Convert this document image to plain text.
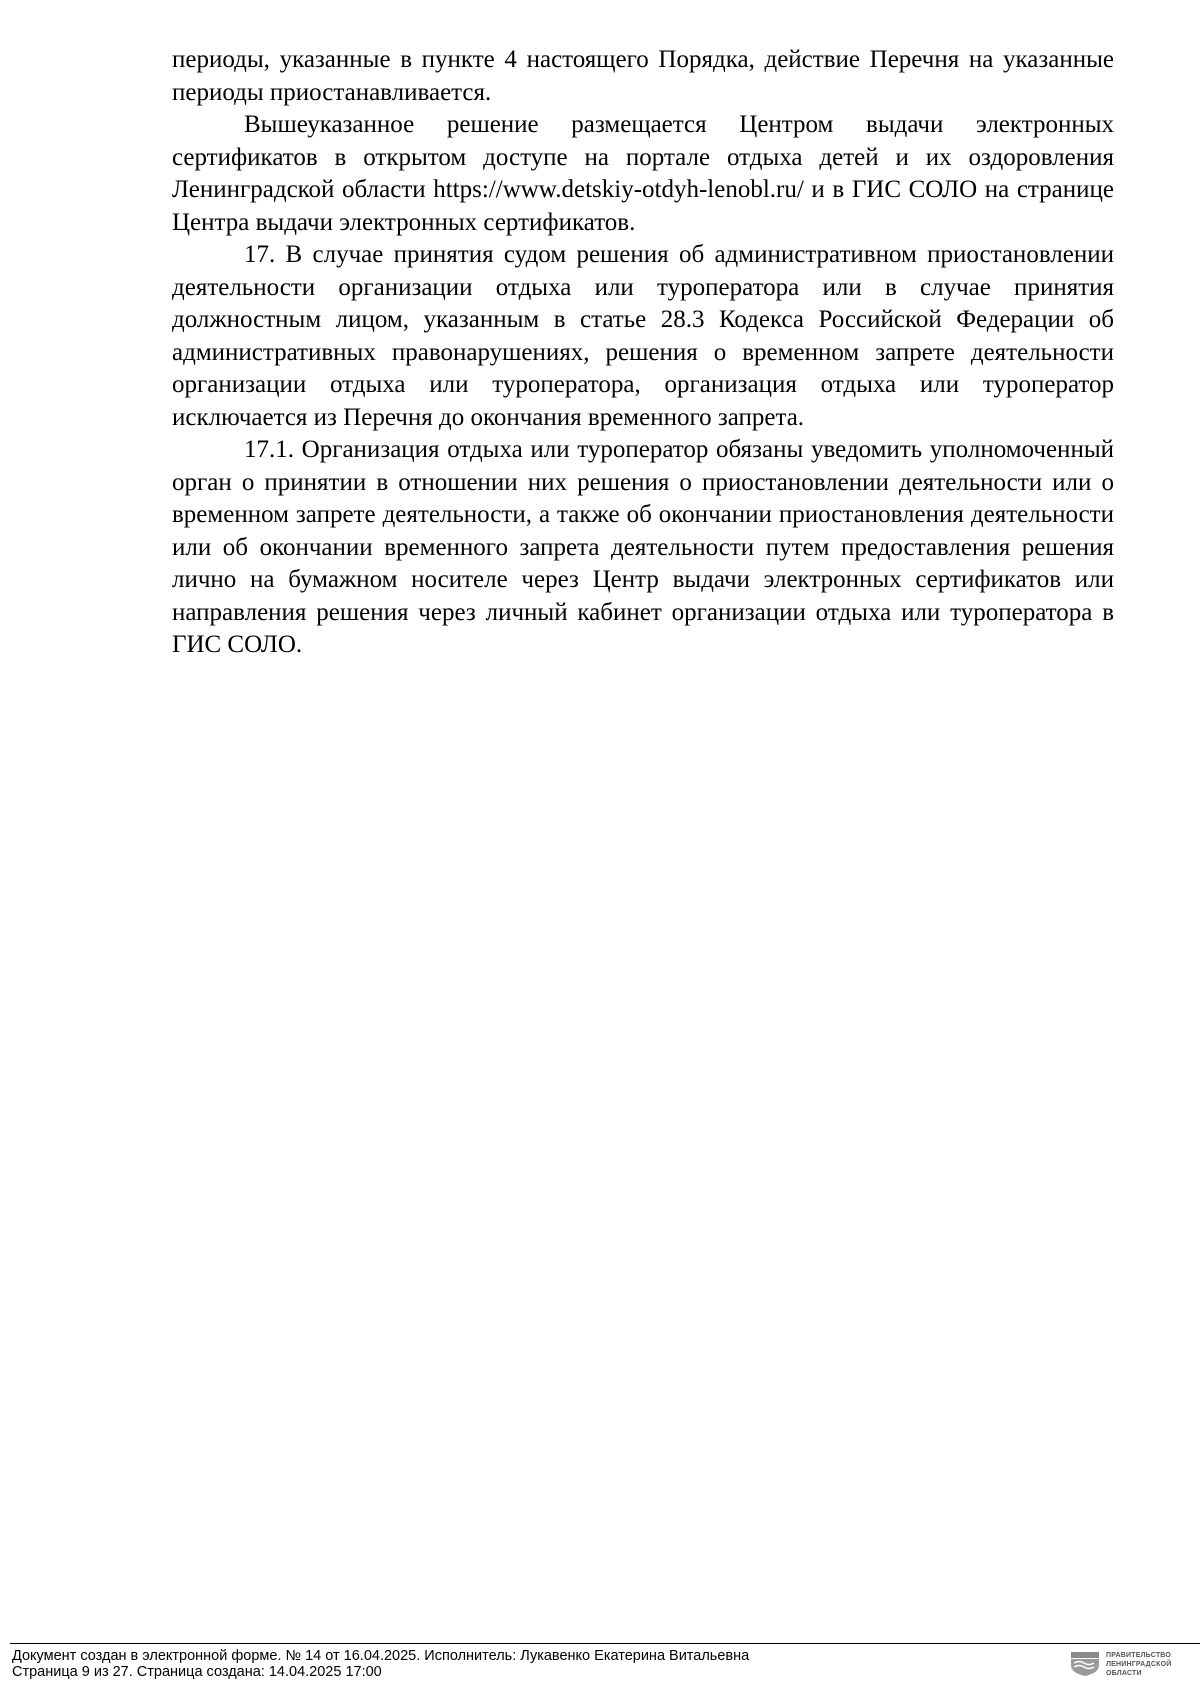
периоды, указанные в пункте 4 настоящего Порядка, действие Перечня на указанные периоды приостанавливается.

Вышеуказанное решение размещается Центром выдачи электронных сертификатов в открытом доступе на портале отдыха детей и их оздоровления Ленинградской области https://www.detskiy-otdyh-lenobl.ru/ и в ГИС СОЛО на странице Центра выдачи электронных сертификатов.

17. В случае принятия судом решения об административном приостановлении деятельности организации отдыха или туроператора или в случае принятия должностным лицом, указанным в статье 28.3 Кодекса Российской Федерации об административных правонарушениях, решения о временном запрете деятельности организации отдыха или туроператора, организация отдыха или туроператор исключается из Перечня до окончания временного запрета.

17.1. Организация отдыха или туроператор обязаны уведомить уполномоченный орган о принятии в отношении них решения о приостановлении деятельности или о временном запрете деятельности, а также об окончании приостановления деятельности или об окончании временного запрета деятельности путем предоставления решения лично на бумажном носителе через Центр выдачи электронных сертификатов или направления решения через личный кабинет организации отдыха или туроператора в ГИС СОЛО.

Документ создан в электронной форме. № 14 от 16.04.2025. Исполнитель: Лукавенко Екатерина Витальевна
Страница 9 из 27. Страница создана: 14.04.2025 17:00
ПРАВИТЕЛЬСТВО
ЛЕНИНГРАДСКОЙ
ОБЛАСТИ
